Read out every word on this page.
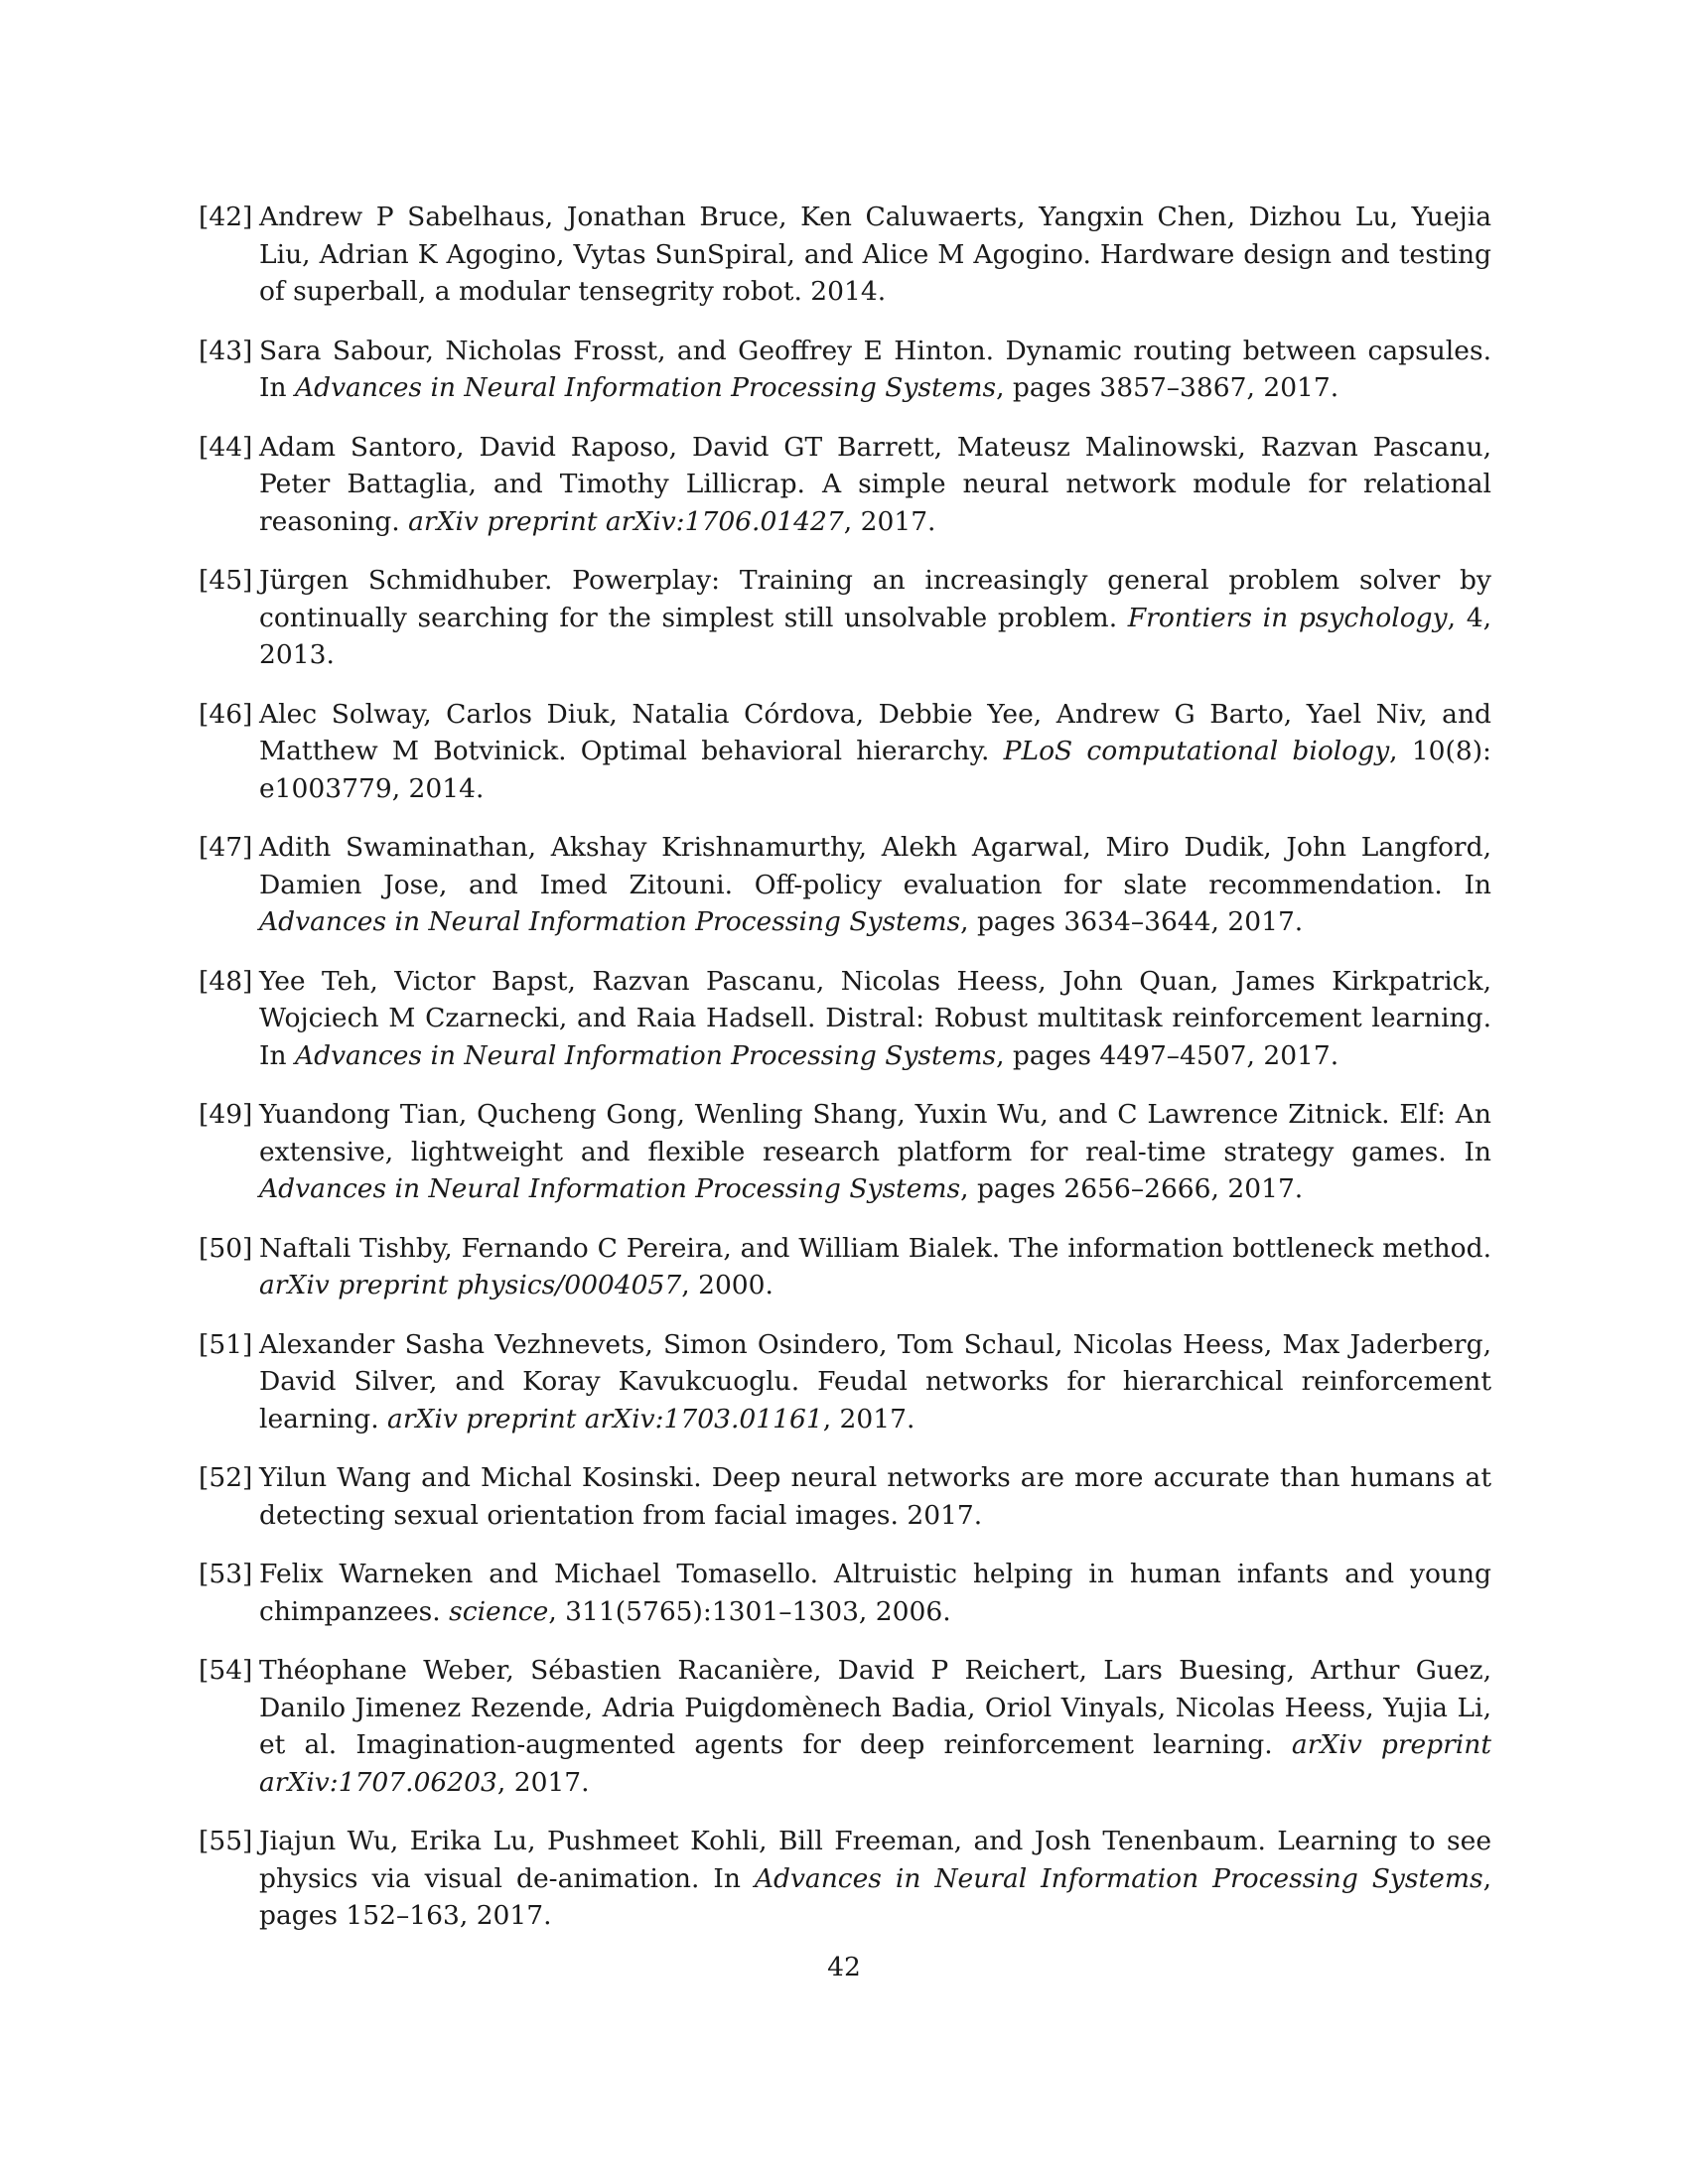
[42] Andrew P Sabelhaus, Jonathan Bruce, Ken Caluwaerts, Yangxin Chen, Dizhou Lu, Yuejia Liu, Adrian K Agogino, Vytas SunSpiral, and Alice M Agogino. Hardware design and testing of superball, a modular tensegrity robot. 2014.
[43] Sara Sabour, Nicholas Frosst, and Geoffrey E Hinton. Dynamic routing between capsules. In Advances in Neural Information Processing Systems, pages 3857–3867, 2017.
[44] Adam Santoro, David Raposo, David GT Barrett, Mateusz Malinowski, Razvan Pascanu, Peter Battaglia, and Timothy Lillicrap. A simple neural network module for relational reasoning. arXiv preprint arXiv:1706.01427, 2017.
[45] Jürgen Schmidhuber. Powerplay: Training an increasingly general problem solver by continually searching for the simplest still unsolvable problem. Frontiers in psychology, 4, 2013.
[46] Alec Solway, Carlos Diuk, Natalia Córdova, Debbie Yee, Andrew G Barto, Yael Niv, and Matthew M Botvinick. Optimal behavioral hierarchy. PLoS computational biology, 10(8): e1003779, 2014.
[47] Adith Swaminathan, Akshay Krishnamurthy, Alekh Agarwal, Miro Dudik, John Langford, Damien Jose, and Imed Zitouni. Off-policy evaluation for slate recommendation. In Advances in Neural Information Processing Systems, pages 3634–3644, 2017.
[48] Yee Teh, Victor Bapst, Razvan Pascanu, Nicolas Heess, John Quan, James Kirkpatrick, Wojciech M Czarnecki, and Raia Hadsell. Distral: Robust multitask reinforcement learning. In Advances in Neural Information Processing Systems, pages 4497–4507, 2017.
[49] Yuandong Tian, Qucheng Gong, Wenling Shang, Yuxin Wu, and C Lawrence Zitnick. Elf: An extensive, lightweight and flexible research platform for real-time strategy games. In Advances in Neural Information Processing Systems, pages 2656–2666, 2017.
[50] Naftali Tishby, Fernando C Pereira, and William Bialek. The information bottleneck method. arXiv preprint physics/0004057, 2000.
[51] Alexander Sasha Vezhnevets, Simon Osindero, Tom Schaul, Nicolas Heess, Max Jaderberg, David Silver, and Koray Kavukcuoglu. Feudal networks for hierarchical reinforcement learning. arXiv preprint arXiv:1703.01161, 2017.
[52] Yilun Wang and Michal Kosinski. Deep neural networks are more accurate than humans at detecting sexual orientation from facial images. 2017.
[53] Felix Warneken and Michael Tomasello. Altruistic helping in human infants and young chimpanzees. science, 311(5765):1301–1303, 2006.
[54] Théophane Weber, Sébastien Racanière, David P Reichert, Lars Buesing, Arthur Guez, Danilo Jimenez Rezende, Adria Puigdomènech Badia, Oriol Vinyals, Nicolas Heess, Yujia Li, et al. Imagination-augmented agents for deep reinforcement learning. arXiv preprint arXiv:1707.06203, 2017.
[55] Jiajun Wu, Erika Lu, Pushmeet Kohli, Bill Freeman, and Josh Tenenbaum. Learning to see physics via visual de-animation. In Advances in Neural Information Processing Systems, pages 152–163, 2017.
42
